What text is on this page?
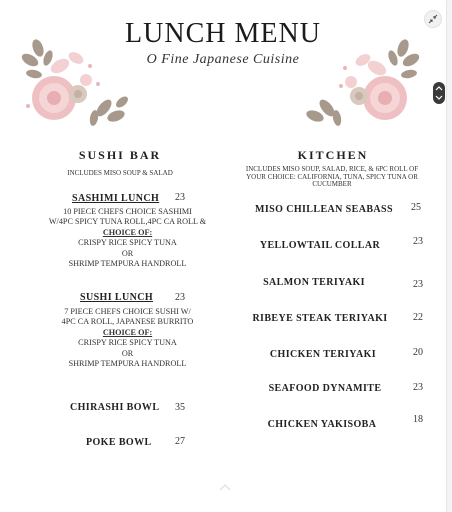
LUNCH MENU
O Fine Japanese Cuisine
SUSHI BAR
INCLUDES MISO SOUP & SALAD
SASHIMI LUNCH 23
10 PIECE CHEFS CHOICE SASHIMI
W/4PC SPICY TUNA ROLL,4PC CA ROLL &
CHOICE OF:
CRISPY RICE SPICY TUNA
OR
SHRIMP TEMPURA HANDROLL
SUSHI LUNCH 23
7 PIECE CHEFS CHOICE SUSHI W/
4PC CA ROLL, JAPANESE BURRITO
CHOICE OF:
CRISPY RICE SPICY TUNA
OR
SHRIMP TEMPURA HANDROLL
CHIRASHI BOWL 35
POKE BOWL 27
KITCHEN
INCLUDES MISO SOUP, SALAD, RICE, & 6PC ROLL OF
YOUR CHOICE: CALIFORNIA, TUNA, SPICY TUNA OR
CUCUMBER
MISO CHILLEAN SEABASS	25
YELLOWTAIL COLLAR	23
SALMON TERIYAKI	23
RIBEYE STEAK TERIYAKI	22
CHICKEN TERIYAKI	20
SEAFOOD DYNAMITE	23
CHICKEN YAKISOBA	18
